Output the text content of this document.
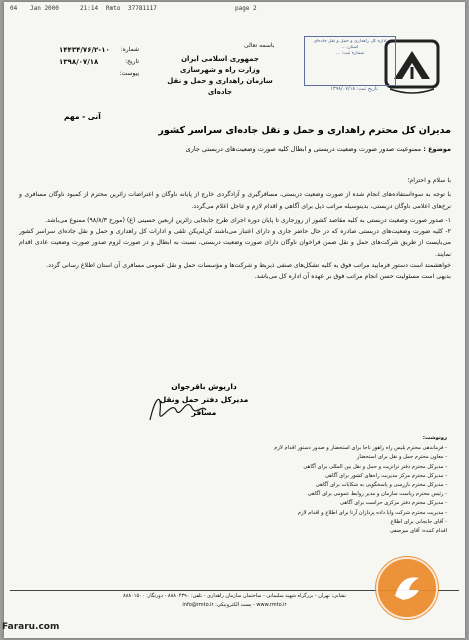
04 Jan 2000	21:14 Rmto 37781117	page 2
باسمه تعالی
جمهوری اسلامی ایران
وزارت راه و شهرسازی
سازمان راهداری و حمل و نقل جاده‌ای
اداره کل راهداری و حمل و نقل جاده‌ای
استان ...
شماره ثبت: ...
تاریخ ثبت: ۱۳۹۸/۰۷/۱۸
شماره:
۱۴۴۳۴/۷۶/۲-۱۰
تاریخ:
۱۳۹۸/۰۷/۱۸
پیوست:
آنی - مهم
مدیران کل محترم راهداری و حمل و نقل جاده‌ای سراسر کشور
موضوع : ممنوعیت صدور صورت وضعیت دربستی و ابطال کلیه صورت وضعیت‌های دربستی جاری

با سلام و احترام؛

با توجه به سوءاستفاده‌های انجام شده از صورت وضعیت دربستی، مسافرگیری و آزادگردی خارج از پایانه ناوگان و اعتراضات زائرین محترم از کمبود ناوگان مسافری و نرخ‌های اعلامی ناوگان دربستی، بدینوسیله مراتب ذیل برای آگاهی و اقدام لازم و عاجل اعلام می‌گردد.

۱- صدور صورت وضعیت دربستی به کلیه مقاصد کشور از روزجاری تا پایان دوره اجرای طرح جابجایی زائرین اربعین حسینی (ع) (مورخ ۹۸/۸/۳) ممنوع می‌باشد.

۲- کلیه صورت وضعیت‌های دربستی صادره که در حال حاضر جاری و دارای اعتبار می‌باشند کن‌لم‌یکن تلقی و ادارات کل راهداری و حمل و نقل جاده‌ای سراسر کشور می‌بایست از طریق شرکت‌های حمل و نقل ضمن فراخوان ناوگان دارای صورت وضعیت دربستی، نسبت به ابطال و در صورت لزوم صدور صورت وضعیت عادی اقدام نمایند.

خواهشمند است دستور فرمایید مراتب فوق به کلیه تشکل‌های صنفی ذیربط و شرکت‌ها و مؤسسات حمل و نقل عمومی مسافری آن استان اطلاع رسانی گردد.

بدیهی است مسئولیت حسن انجام مراتب فوق بر عهده آن اداره کل می‌باشد.

داریوش باقرجوان
مدیرکل دفتر حمل ونقل مسافر
رونوشت:
- فرماندهی محترم پلیس راه راهور ناجا برای استحضار و صدور دستور اقدام لازم
- معاون محترم حمل و نقل برای استحضار
- مدیرکل محترم دفتر ترانزیت و حمل و نقل بین المللی برای آگاهی
- مدیرکل محترم مرکز مدیریت راه‌های کشور برای آگاهی
- مدیرکل محترم بازرسی و پاسخگویی به شکایات برای آگاهی
- رئیس محترم ریاست سازمان و مدیر روابط عمومی برای آگاهی
- مدیرکل محترم دفتر مرکزی حراست برای آگاهی
- مدیریت محترم شرکت وایا داده پردازان آرتا برای اطلاع و اقدام لازم
- آقای جانجانی برای اطلاع
اقدام کننده: آقای میرصفی
نشانی: تهران - بزرگراه شهید سلیمانی - ساختمان سازمان راهداری - تلفن: ۸۸۸۰۴۳۹۰ - دورنگار: ۸۸۸۰۱۵۰۰
www.rmto.ir - پست الکترونیکی: info@rmto.ir
Fararu.com
